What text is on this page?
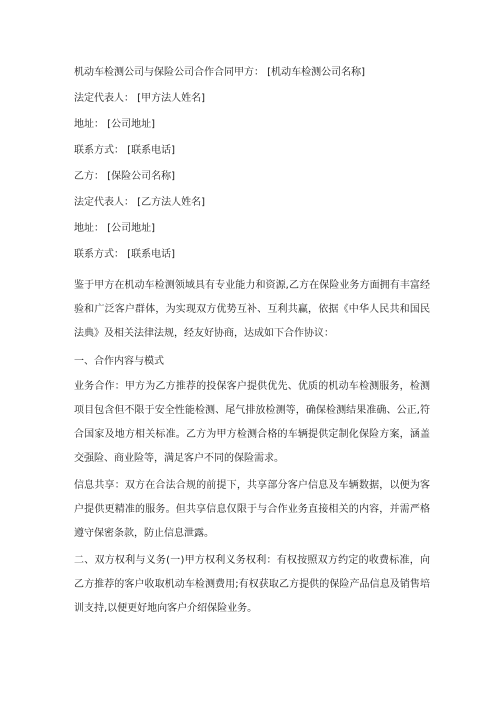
机动车检测公司与保险公司合作合同甲方： [机动车检测公司名称]

法定代表人： [甲方法人姓名]

地址： [公司地址]

联系方式： [联系电话]

乙方： [保险公司名称]

法定代表人： [乙方法人姓名]

地址： [公司地址]

联系方式： [联系电话]

鉴于甲方在机动车检测领域具有专业能力和资源,乙方在保险业务方面拥有丰富经验和广泛客户群体，为实现双方优势互补、互利共赢，依据《中华人民共和国民法典》及相关法律法规，经友好协商，达成如下合作协议：

一、合作内容与模式

业务合作：甲方为乙方推荐的投保客户提供优先、优质的机动车检测服务，检测项目包含但不限于安全性能检测、尾气排放检测等，确保检测结果准确、公正,符合国家及地方相关标准。乙方为甲方检测合格的车辆提供定制化保险方案，涵盖交强险、商业险等，满足客户不同的保险需求。

信息共享：双方在合法合规的前提下，共享部分客户信息及车辆数据，以便为客户提供更精准的服务。但共享信息仅限于与合作业务直接相关的内容，并需严格遵守保密条款，防止信息泄露。

二、双方权利与义务(一)甲方权利义务权利：有权按照双方约定的收费标准，向乙方推荐的客户收取机动车检测费用;有权获取乙方提供的保险产品信息及销售培训支持,以便更好地向客户介绍保险业务。
